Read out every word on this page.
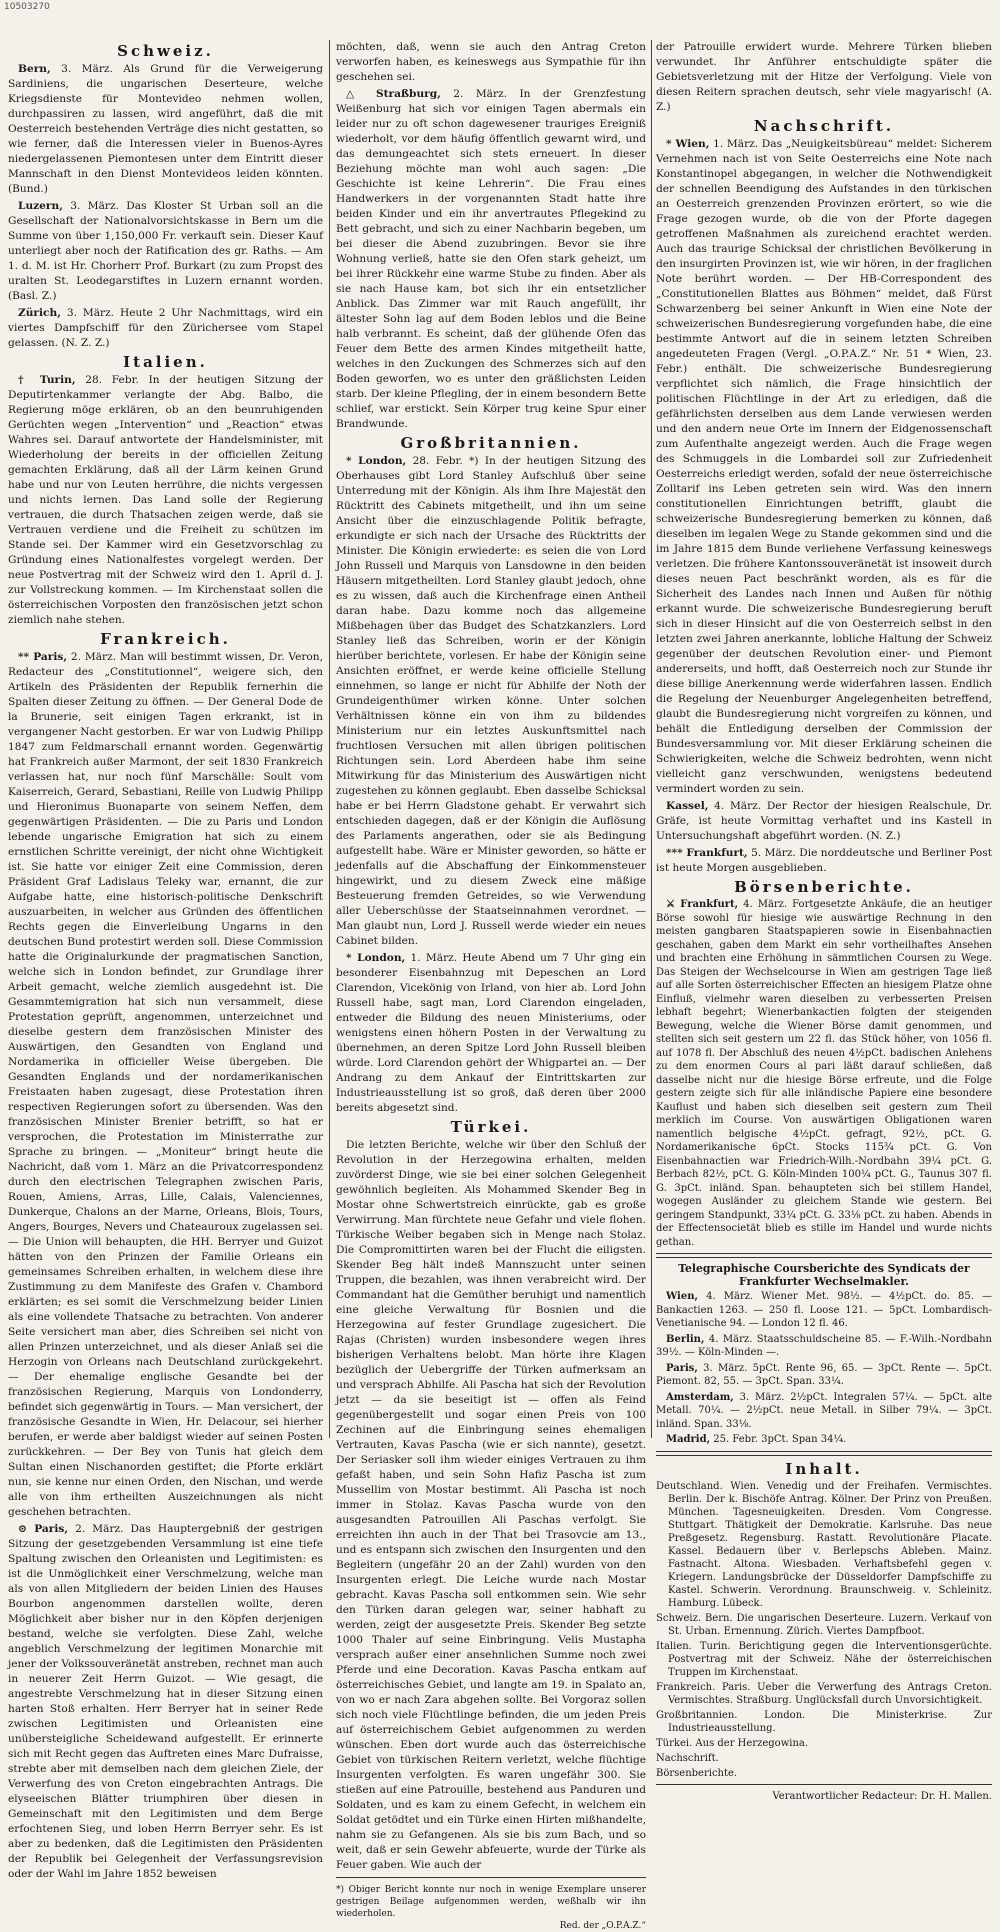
10503270
Schweiz.

Bern, 3. März. Als Grund für die Verweigerung Sardiniens, die ungarischen Deserteure, welche Kriegsdienste für Montevideo nehmen wollen, durchpassiren zu lassen, wird angeführt, daß die mit Oesterreich bestehenden Verträge dies nicht gestatten, so wie ferner, daß die Interessen vieler in Buenos-Ayres niedergelassenen Piemontesen unter dem Eintritt dieser Mannschaft in den Dienst Montevideos leiden könnten. (Bund.)

Luzern, 3. März. Das Kloster St Urban soll an die Gesellschaft der Nationalvorsichtskasse in Bern um die Summe von über 1,150,000 Fr. verkauft sein. Dieser Kauf unterliegt aber noch der Ratification des gr. Raths. — Am 1. d. M. ist Hr. Chorherr Prof. Burkart (zu zum Propst des uralten St. Leodegarstiftes in Luzern ernannt worden. (Basl. Z.)

Zürich, 3. März. Heute 2 Uhr Nachmittags, wird ein viertes Dampfschiff für den Zürichersee vom Stapel gelassen. (N. Z. Z.)

Italien.

† Turin, 28. Febr. In der heutigen Sitzung der Deputirtenkammer verlangte der Abg. Balbo, die Regierung möge erklären, ob an den beunruhigenden Gerüchten wegen „Intervention“ und „Reaction“ etwas Wahres sei. Darauf antwortete der Handelsminister, mit Wiederholung der bereits in der officiellen Zeitung gemachten Erklärung, daß all der Lärm keinen Grund habe und nur von Leuten herrühre, die nichts vergessen und nichts lernen. Das Land solle der Regierung vertrauen, die durch Thatsachen zeigen werde, daß sie Vertrauen verdiene und die Freiheit zu schützen im Stande sei. Der Kammer wird ein Gesetzvorschlag zu Gründung eines Nationalfestes vorgelegt werden. Der neue Postvertrag mit der Schweiz wird den 1. April d. J. zur Vollstreckung kommen. — Im Kirchenstaat sollen die österreichischen Vorposten den französischen jetzt schon ziemlich nahe stehen.

Frankreich.

** Paris, 2. März. Man will bestimmt wissen, Dr. Veron, Redacteur des „Constitutionnel“, weigere sich, den Artikeln des Präsidenten der Republik fernerhin die Spalten dieser Zeitung zu öffnen. — Der General Dode de la Brunerie, seit einigen Tagen erkrankt, ist in vergangener Nacht gestorben. Er war von Ludwig Philipp 1847 zum Feldmarschall ernannt worden. Gegenwärtig hat Frankreich außer Marmont, der seit 1830 Frankreich verlassen hat, nur noch fünf Marschälle: Soult vom Kaiserreich, Gerard, Sebastiani, Reille von Ludwig Philipp und Hieronimus Buonaparte von seinem Neffen, dem gegenwärtigen Präsidenten. — Die zu Paris und London lebende ungarische Emigration hat sich zu einem ernstlichen Schritte vereinigt, der nicht ohne Wichtigkeit ist. Sie hatte vor einiger Zeit eine Commission, deren Präsident Graf Ladislaus Teleky war, ernannt, die zur Aufgabe hatte, eine historisch-politische Denkschrift auszuarbeiten, in welcher aus Gründen des öffentlichen Rechts gegen die Einverleibung Ungarns in den deutschen Bund protestirt werden soll. Diese Commission hatte die Originalurkunde der pragmatischen Sanction, welche sich in London befindet, zur Grundlage ihrer Arbeit gemacht, welche ziemlich ausgedehnt ist. Die Gesammtemigration hat sich nun versammelt, diese Protestation geprüft, angenommen, unterzeichnet und dieselbe gestern dem französischen Minister des Auswärtigen, den Gesandten von England und Nordamerika in officieller Weise übergeben. Die Gesandten Englands und der nordamerikanischen Freistaaten haben zugesagt, diese Protestation ihren respectiven Regierungen sofort zu übersenden. Was den französischen Minister Brenier betrifft, so hat er versprochen, die Protestation im Ministerrathe zur Sprache zu bringen. — „Moniteur“ bringt heute die Nachricht, daß vom 1. März an die Privatcorrespondenz durch den electrischen Telegraphen zwischen Paris, Rouen, Amiens, Arras, Lille, Calais, Valenciennes, Dunkerque, Chalons an der Marne, Orleans, Blois, Tours, Angers, Bourges, Nevers und Chateauroux zugelassen sei. — Die Union will behaupten, die HH. Berryer und Guizot hätten von den Prinzen der Familie Orleans ein gemeinsames Schreiben erhalten, in welchem diese ihre Zustimmung zu dem Manifeste des Grafen v. Chambord erklärten; es sei somit die Verschmelzung beider Linien als eine vollendete Thatsache zu betrachten. Von anderer Seite versichert man aber, dies Schreiben sei nicht von allen Prinzen unterzeichnet, und als dieser Anlaß sei die Herzogin von Orleans nach Deutschland zurückgekehrt. — Der ehemalige englische Gesandte bei der französischen Regierung, Marquis von Londonderry, befindet sich gegenwärtig in Tours. — Man versichert, der französische Gesandte in Wien, Hr. Delacour, sei hierher berufen, er werde aber baldigst wieder auf seinen Posten zurückkehren. — Der Bey von Tunis hat gleich dem Sultan einen Nischanorden gestiftet; die Pforte erklärt nun, sie kenne nur einen Orden, den Nischan, und werde alle von ihm ertheilten Auszeichnungen als nicht geschehen betrachten.

⊙ Paris, 2. März. Das Hauptergebniß der gestrigen Sitzung der gesetzgebenden Versammlung ist eine tiefe Spaltung zwischen den Orleanisten und Legitimisten: es ist die Unmöglichkeit einer Verschmelzung, welche man als von allen Mitgliedern der beiden Linien des Hauses Bourbon angenommen darstellen wollte, deren Möglichkeit aber bisher nur in den Köpfen derjenigen bestand, welche sie verfolgten. Diese Zahl, welche angeblich Verschmelzung der legitimen Monarchie mit jener der Volkssouveränetät anstreben, rechnet man auch in neuerer Zeit Herrn Guizot. — Wie gesagt, die angestrebte Verschmelzung hat in dieser Sitzung einen harten Stoß erhalten. Herr Berryer hat in seiner Rede zwischen Legitimisten und Orleanisten eine unübersteigliche Scheidewand aufgestellt. Er erinnerte sich mit Recht gegen das Auftreten eines Marc Dufraisse, strebte aber mit demselben nach dem gleichen Ziele, der Verwerfung des von Creton eingebrachten Antrags. Die elyseeischen Blätter triumphiren über diesen in Gemeinschaft mit den Legitimisten und dem Berge erfochtenen Sieg, und loben Herrn Berryer sehr. Es ist aber zu bedenken, daß die Legitimisten den Präsidenten der Republik bei Gelegenheit der Verfassungsrevision oder der Wahl im Jahre 1852 beweisen

möchten, daß, wenn sie auch den Antrag Creton verworfen haben, es keineswegs aus Sympathie für ihn geschehen sei.

△ Straßburg, 2. März. In der Grenzfestung Weißenburg hat sich vor einigen Tagen abermals ein leider nur zu oft schon dagewesener trauriges Ereigniß wiederholt, vor dem häufig öffentlich gewarnt wird, und das demungeachtet sich stets erneuert. In dieser Beziehung möchte man wohl auch sagen: „Die Geschichte ist keine Lehrerin“. Die Frau eines Handwerkers in der vorgenannten Stadt hatte ihre beiden Kinder und ein ihr anvertrautes Pflegekind zu Bett gebracht, und sich zu einer Nachbarin begeben, um bei dieser die Abend zuzubringen. Bevor sie ihre Wohnung verließ, hatte sie den Ofen stark geheizt, um bei ihrer Rückkehr eine warme Stube zu finden. Aber als sie nach Hause kam, bot sich ihr ein entsetzlicher Anblick. Das Zimmer war mit Rauch angefüllt, ihr ältester Sohn lag auf dem Boden leblos und die Beine halb verbrannt. Es scheint, daß der glühende Ofen das Feuer dem Bette des armen Kindes mitgetheilt hatte, welches in den Zuckungen des Schmerzes sich auf den Boden geworfen, wo es unter den gräßlichsten Leiden starb. Der kleine Pflegling, der in einem besondern Bette schlief, war erstickt. Sein Körper trug keine Spur einer Brandwunde.

Großbritannien.

* London, 28. Febr. *) In der heutigen Sitzung des Oberhauses gibt Lord Stanley Aufschluß über seine Unterredung mit der Königin. Als ihm Ihre Majestät den Rücktritt des Cabinets mitgetheilt, und ihn um seine Ansicht über die einzuschlagende Politik befragte, erkundigte er sich nach der Ursache des Rücktritts der Minister. Die Königin erwiederte: es seien die von Lord John Russell und Marquis von Lansdowne in den beiden Häusern mitgetheilten. Lord Stanley glaubt jedoch, ohne es zu wissen, daß auch die Kirchenfrage einen Antheil daran habe. Dazu komme noch das allgemeine Mißbehagen über das Budget des Schatzkanzlers. Lord Stanley ließ das Schreiben, worin er der Königin hierüber berichtete, vorlesen. Er habe der Königin seine Ansichten eröffnet, er werde keine officielle Stellung einnehmen, so lange er nicht für Abhilfe der Noth der Grundeigenthümer wirken könne. Unter solchen Verhältnissen könne ein von ihm zu bildendes Ministerium nur ein letztes Auskunftsmittel nach fruchtlosen Versuchen mit allen übrigen politischen Richtungen sein. Lord Aberdeen habe ihm seine Mitwirkung für das Ministerium des Auswärtigen nicht zugestehen zu können geglaubt. Eben dasselbe Schicksal habe er bei Herrn Gladstone gehabt. Er verwahrt sich entschieden dagegen, daß er der Königin die Auflösung des Parlaments angerathen, oder sie als Bedingung aufgestellt habe. Wäre er Minister geworden, so hätte er jedenfalls auf die Abschaffung der Einkommensteuer hingewirkt, und zu diesem Zweck eine mäßige Besteuerung fremden Getreides, so wie Verwendung aller Ueberschüsse der Staatseinnahmen verordnet. — Man glaubt nun, Lord J. Russell werde wieder ein neues Cabinet bilden.

* London, 1. März. Heute Abend um 7 Uhr ging ein besonderer Eisenbahnzug mit Depeschen an Lord Clarendon, Vicekönig von Irland, von hier ab. Lord John Russell habe, sagt man, Lord Clarendon eingeladen, entweder die Bildung des neuen Ministeriums, oder wenigstens einen höhern Posten in der Verwaltung zu übernehmen, an deren Spitze Lord John Russell bleiben würde. Lord Clarendon gehört der Whigpartei an. — Der Andrang zu dem Ankauf der Eintrittskarten zur Industrieausstellung ist so groß, daß deren über 2000 bereits abgesetzt sind.

Türkei.

Die letzten Berichte, welche wir über den Schluß der Revolution in der Herzegowina erhalten, melden zuvörderst Dinge, wie sie bei einer solchen Gelegenheit gewöhnlich begleiten. Als Mohammed Skender Beg in Mostar ohne Schwertstreich einrückte, gab es große Verwirrung. Man fürchtete neue Gefahr und viele flohen. Türkische Weiber begaben sich in Menge nach Stolaz. Die Compromittirten waren bei der Flucht die eiligsten. Skender Beg hält indeß Mannszucht unter seinen Truppen, die bezahlen, was ihnen verabreicht wird. Der Commandant hat die Gemüther beruhigt und namentlich eine gleiche Verwaltung für Bosnien und die Herzegowina auf fester Grundlage zugesichert. Die Rajas (Christen) wurden insbesondere wegen ihres bisherigen Verhaltens belobt. Man hörte ihre Klagen bezüglich der Uebergriffe der Türken aufmerksam an und versprach Abhilfe. Ali Pascha hat sich der Revolution jetzt — da sie beseitigt ist — offen als Feind gegenübergestellt und sogar einen Preis von 100 Zechinen auf die Einbringung seines ehemaligen Vertrauten, Kavas Pascha (wie er sich nannte), gesetzt. Der Seriasker soll ihm wieder einiges Vertrauen zu ihm gefaßt haben, und sein Sohn Hafiz Pascha ist zum Mussellim von Mostar bestimmt. Ali Pascha ist noch immer in Stolaz. Kavas Pascha wurde von den ausgesandten Patrouillen Ali Paschas verfolgt. Sie erreichten ihn auch in der That bei Trasovcie am 13., und es entspann sich zwischen den Insurgenten und den Begleitern (ungefähr 20 an der Zahl) wurden von den Insurgenten erlegt. Die Leiche wurde nach Mostar gebracht. Kavas Pascha soll entkommen sein. Wie sehr den Türken daran gelegen war, seiner habhaft zu werden, zeigt der ausgesetzte Preis. Skender Beg setzte 1000 Thaler auf seine Einbringung. Velis Mustapha versprach außer einer ansehnlichen Summe noch zwei Pferde und eine Decoration. Kavas Pascha entkam auf österreichisches Gebiet, und langte am 19. in Spalato an, von wo er nach Zara abgehen sollte. Bei Vorgoraz sollen sich noch viele Flüchtlinge befinden, die um jeden Preis auf österreichischem Gebiet aufgenommen zu werden wünschen. Eben dort wurde auch das österreichische Gebiet von türkischen Reitern verletzt, welche flüchtige Insurgenten verfolgten. Es waren ungefähr 300. Sie stießen auf eine Patrouille, bestehend aus Panduren und Soldaten, und es kam zu einem Gefecht, in welchem ein Soldat getödtet und ein Türke einen Hirten mißhandelte, nahm sie zu Gefangenen. Als sie bis zum Bach, und so weit, daß er sein Gewehr abfeuerte, wurde der Türke als Feuer gaben. Wie auch der

*) Obiger Bericht konnte nur noch in wenige Exemplare unserer gestrigen Beilage aufgenommen werden, weßhalb wir ihn wiederholen.
Red. der „O.P.A.Z.“

der Patrouille erwidert wurde. Mehrere Türken blieben verwundet. Ihr Anführer entschuldigte später die Gebietsverletzung mit der Hitze der Verfolgung. Viele von diesen Reitern sprachen deutsch, sehr viele magyarisch! (A. Z.)

Nachschrift.

* Wien, 1. März. Das „Neuigkeitsbüreau“ meldet: Sicherem Vernehmen nach ist von Seite Oesterreichs eine Note nach Konstantinopel abgegangen, in welcher die Nothwendigkeit der schnellen Beendigung des Aufstandes in den türkischen an Oesterreich grenzenden Provinzen erörtert, so wie die Frage gezogen wurde, ob die von der Pforte dagegen getroffenen Maßnahmen als zureichend erachtet werden. Auch das traurige Schicksal der christlichen Bevölkerung in den insurgirten Provinzen ist, wie wir hören, in der fraglichen Note berührt worden. — Der HB-Correspondent des „Constitutionellen Blattes aus Böhmen“ meldet, daß Fürst Schwarzenberg bei seiner Ankunft in Wien eine Note der schweizerischen Bundesregierung vorgefunden habe, die eine bestimmte Antwort auf die in seinem letzten Schreiben angedeuteten Fragen (Vergl. „O.P.A.Z.“ Nr. 51 * Wien, 23. Febr.) enthält. Die schweizerische Bundesregierung verpflichtet sich nämlich, die Frage hinsichtlich der politischen Flüchtlinge in der Art zu erledigen, daß die gefährlichsten derselben aus dem Lande verwiesen werden und den andern neue Orte im Innern der Eidgenossenschaft zum Aufenthalte angezeigt werden. Auch die Frage wegen des Schmuggels in die Lombardei soll zur Zufriedenheit Oesterreichs erledigt werden, sofald der neue österreichische Zolltarif ins Leben getreten sein wird. Was den innern constitutionellen Einrichtungen betrifft, glaubt die schweizerische Bundesregierung bemerken zu können, daß dieselben im legalen Wege zu Stande gekommen sind und die im Jahre 1815 dem Bunde verliehene Verfassung keineswegs verletzen. Die frühere Kantonssouveränetät ist insoweit durch dieses neuen Pact beschränkt worden, als es für die Sicherheit des Landes nach Innen und Außen für nöthig erkannt wurde. Die schweizerische Bundesregierung beruft sich in dieser Hinsicht auf die von Oesterreich selbst in den letzten zwei Jahren anerkannte, lobliche Haltung der Schweiz gegenüber der deutschen Revolution einer- und Piemont andererseits, und hofft, daß Oesterreich noch zur Stunde ihr diese billige Anerkennung werde widerfahren lassen. Endlich die Regelung der Neuenburger Angelegenheiten betreffend, glaubt die Bundesregierung nicht vorgreifen zu können, und behält die Entledigung derselben der Commission der Bundesversammlung vor. Mit dieser Erklärung scheinen die Schwierigkeiten, welche die Schweiz bedrohten, wenn nicht vielleicht ganz verschwunden, wenigstens bedeutend vermindert worden zu sein.

Kassel, 4. März. Der Rector der hiesigen Realschule, Dr. Gräfe, ist heute Vormittag verhaftet und ins Kastell in Untersuchungshaft abgeführt worden. (N. Z.)

*** Frankfurt, 5. März. Die norddeutsche und Berliner Post ist heute Morgen ausgeblieben.

Börsenberichte.

⚔ Frankfurt, 4. März. Fortgesetzte Ankäufe, die an heutiger Börse sowohl für hiesige wie auswärtige Rechnung in den meisten gangbaren Staatspapieren sowie in Eisenbahnactien geschahen, gaben dem Markt ein sehr vortheilhaftes Ansehen und brachten eine Erhöhung in sämmtlichen Coursen zu Wege. Das Steigen der Wechselcourse in Wien am gestrigen Tage ließ auf alle Sorten österreichischer Effecten an hiesigem Platze ohne Einfluß, vielmehr waren dieselben zu verbesserten Preisen lebhaft begehrt; Wienerbankactien folgten der steigenden Bewegung, welche die Wiener Börse damit genommen, und stellten sich seit gestern um 22 fl. das Stück höher, von 1056 fl. auf 1078 fl. Der Abschluß des neuen 4½pCt. badischen Anlehens zu dem enormen Cours al pari läßt darauf schließen, daß dasselbe nicht nur die hiesige Börse erfreute, und die Folge gestern zeigte sich für alle inländische Papiere eine besondere Kauflust und haben sich dieselben seit gestern zum Theil merklich im Course. Von auswärtigen Obligationen waren namentlich belgische 4½pCt. gefragt, 92½, pCt. G. Nordamerikanische 6pCt. Stocks 115¾ pCt. G. Von Eisenbahnactien war Friedrich-Wilh.-Nordbahn 39¼ pCt. G. Berbach 82½, pCt. G. Köln-Minden 100¼ pCt. G., Taunus 307 fl. G. 3pCt. inländ. Span. behaupteten sich bei stillem Handel, wogegen Ausländer zu gleichem Stande wie gestern. Bei geringem Standpunkt, 33¼ pCt. G. 33⅛ pCt. zu haben. Abends in der Effectensocietät blieb es stille im Handel und wurde nichts gethan.

Telegraphische Coursberichte des Syndicats der Frankfurter Wechselmakler.

Wien, 4. März. Wiener Met. 98½. — 4½pCt. do. 85. — Bankactien 1263. — 250 fl. Loose 121. — 5pCt. Lombardisch-Venetianische 94. — London 12 fl. 46.

Berlin, 4. März. Staatsschuldscheine 85. — F.-Wilh.-Nordbahn 39½. — Köln-Minden —.

Paris, 3. März. 5pCt. Rente 96, 65. — 3pCt. Rente —. 5pCt. Piemont. 82, 55. — 3pCt. Span. 33¼.

Amsterdam, 3. März. 2½pCt. Integralen 57¼. — 5pCt. alte Metall. 70¼. — 2½pCt. neue Metall. in Silber 79¼. — 3pCt. inländ. Span. 33⅛.

Madrid, 25. Febr. 3pCt. Span 34¼.

Inhalt.

Deutschland. Wien. Venedig und der Freihafen. Vermischtes. Berlin. Der k. Bischöfe Antrag. Kölner. Der Prinz von Preußen. München. Tagesneuigkeiten. Dresden. Vom Congresse. Stuttgart. Thätigkeit der Demokratie. Karlsruhe. Das neue Preßgesetz. Regensburg. Rastatt. Revolutionäre Placate. Kassel. Bedauern über v. Berlepschs Ableben. Mainz. Fastnacht. Altona. Wiesbaden. Verhaftsbefehl gegen v. Kriegern. Landungsbrücke der Düsseldorfer Dampfschiffe zu Kastel. Schwerin. Verordnung. Braunschweig. v. Schleinitz. Hamburg. Lübeck.

Schweiz. Bern. Die ungarischen Deserteure. Luzern. Verkauf von St. Urban. Ernennung. Zürich. Viertes Dampfboot.

Italien. Turin. Berichtigung gegen die Interventionsgerüchte. Postvertrag mit der Schweiz. Nähe der österreichischen Truppen im Kirchenstaat.

Frankreich. Paris. Ueber die Verwerfung des Antrags Creton. Vermischtes. Straßburg. Unglücksfall durch Unvorsichtigkeit.

Großbritannien. London. Die Ministerkrise. Zur Industrieausstellung.

Türkei. Aus der Herzegowina.

Nachschrift.

Börsenberichte.

Verantwortlicher Redacteur: Dr. H. Mallen.
